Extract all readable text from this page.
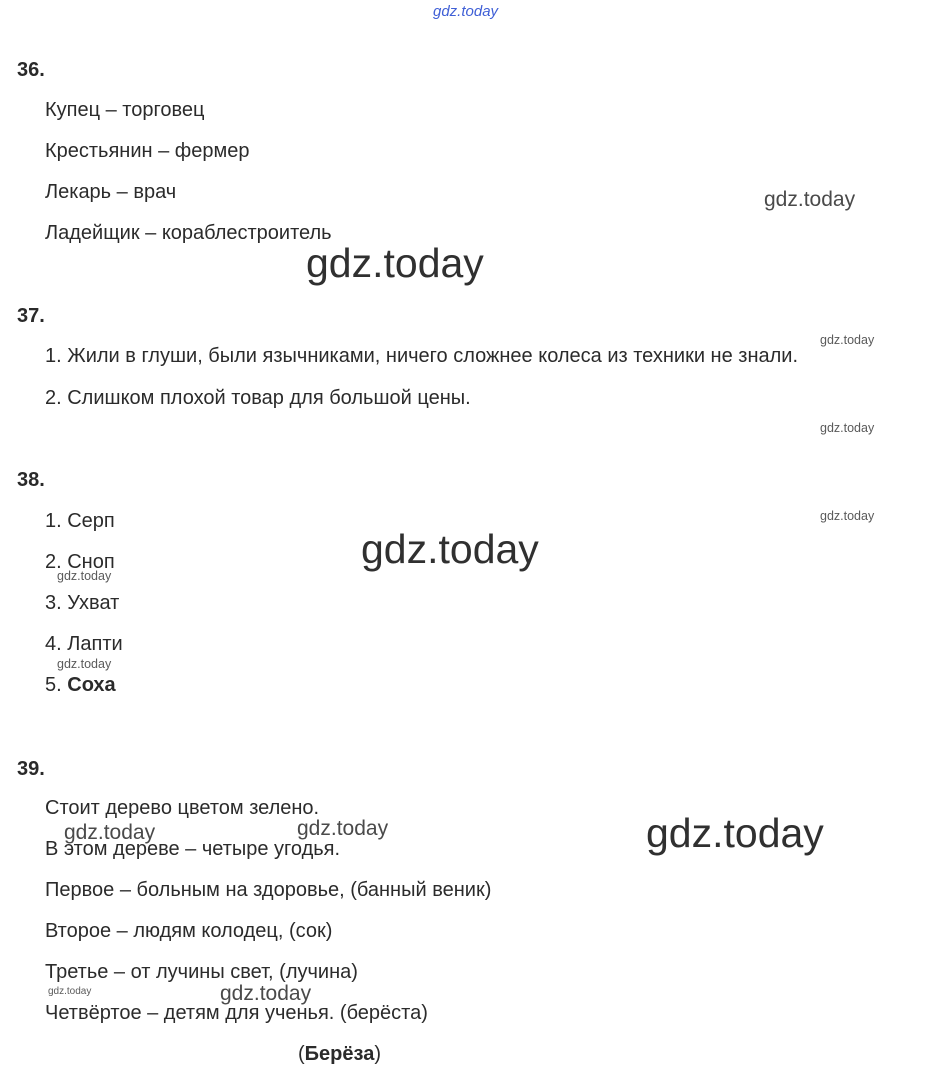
gdz.today
gdz.today
gdz.today
gdz.today
gdz.today
gdz.today
gdz.today
gdz.today
gdz.today
gdz.today
gdz.today	gdz.today
gdz.today	gdz.today
36.
Купец – торговец
Крестьянин – фермер
Лекарь – врач
Ладейщик – кораблестроитель
37.
1. Жили в глуши, были язычниками, ничего сложнее колеса из техники не знали.
2. Слишком плохой товар для большой цены.
38.
1. Серп
2. Сноп
3. Ухват
4. Лапти
5. Соха
39.
Стоит дерево цветом зелено.
В этом дереве – четыре угодья.
Первое – больным на здоровье, (банный веник)
Второе – людям колодец, (сок)
Третье – от лучины свет, (лучина)
Четвёртое – детям для ученья. (берёста)
(Берёза)
